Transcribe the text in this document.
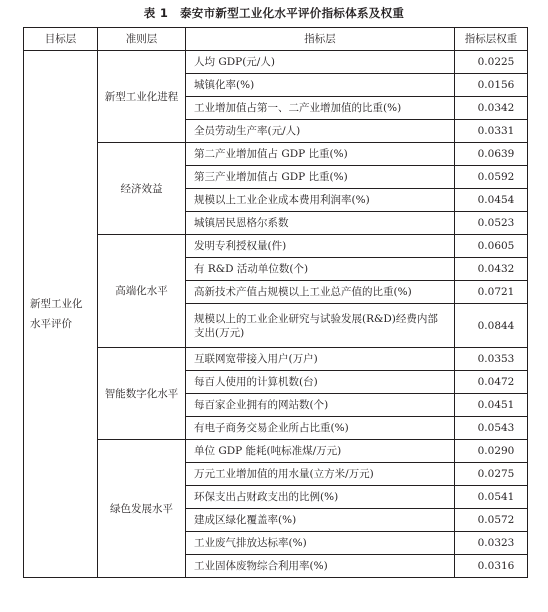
表 1　泰安市新型工业化水平评价指标体系及权重
目标层	准则层	指标层	指标层权重
新型工业化水平评价	新型工业化进程	人均 GDP(元/人)	0.0225
		城镇化率(%)	0.0156
		工业增加值占第一、二产业增加值的比重(%)	0.0342
		全员劳动生产率(元/人)	0.0331
	经济效益	第二产业增加值占 GDP 比重(%)	0.0639
		第三产业增加值占 GDP 比重(%)	0.0592
		规模以上工业企业成本费用利润率(%)	0.0454
		城镇居民恩格尔系数	0.0523
	高端化水平	发明专利授权量(件)	0.0605
		有 R&D 活动单位数(个)	0.0432
		高新技术产值占规模以上工业总产值的比重(%)	0.0721
		规模以上的工业企业研究与试验发展(R&D)经费内部支出(万元)	0.0844
	智能数字化水平	互联网宽带接入用户(万户)	0.0353
		每百人使用的计算机数(台)	0.0472
		每百家企业拥有的网站数(个)	0.0451
		有电子商务交易企业所占比重(%)	0.0543
	绿色发展水平	单位 GDP 能耗(吨标准煤/万元)	0.0290
		万元工业增加值的用水量(立方米/万元)	0.0275
		环保支出占财政支出的比例(%)	0.0541
		建成区绿化覆盖率(%)	0.0572
		工业废气排放达标率(%)	0.0323
		工业固体废物综合利用率(%)	0.0316
